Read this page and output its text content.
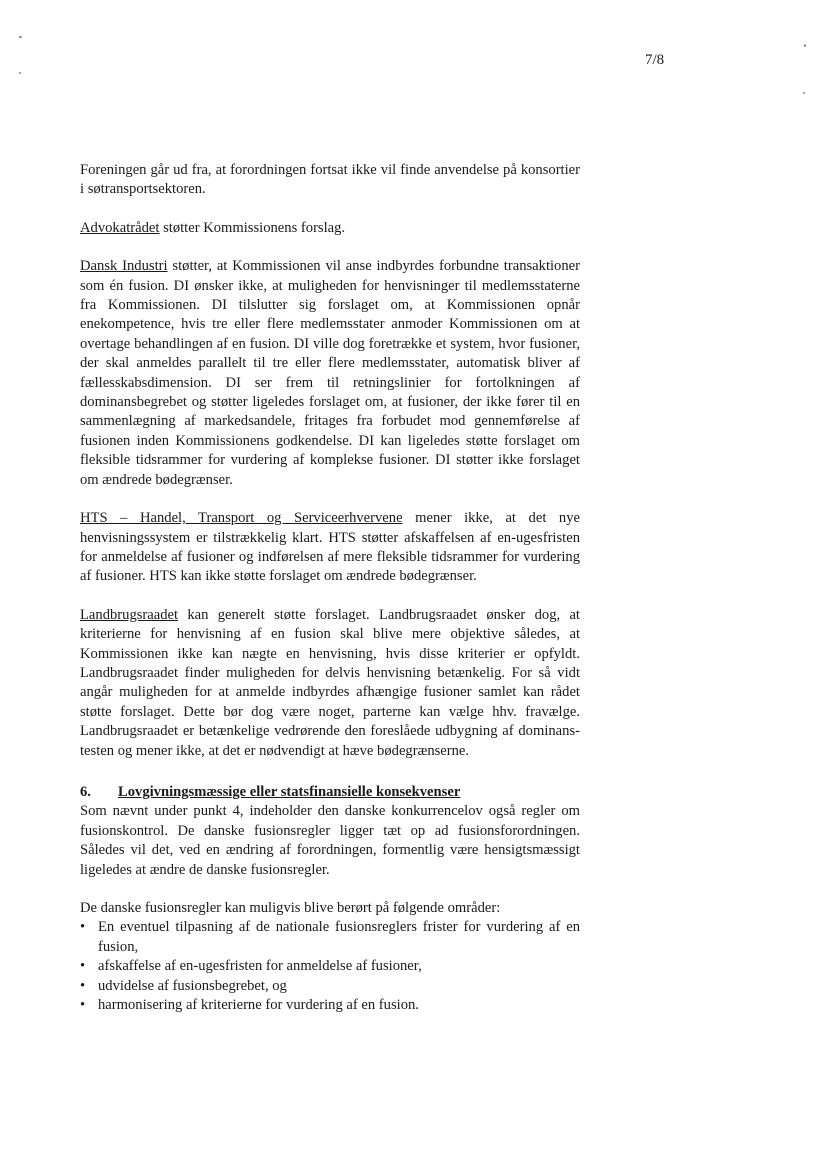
7/8

Foreningen går ud fra, at forordningen fortsat ikke vil finde anvendelse på konsortier i søtransportsektoren.

Advokatrådet støtter Kommissionens forslag.

Dansk Industri støtter, at Kommissionen vil anse indbyrdes forbundne transaktioner som én fusion. DI ønsker ikke, at muligheden for henvisninger til medlemsstaterne fra Kommissionen. DI tilslutter sig forslaget om, at Kommissionen opnår enekompetence, hvis tre eller flere medlemsstater anmoder Kommissionen om at overtage behandlingen af en fusion. DI ville dog foretrække et system, hvor fusioner, der skal anmeldes parallelt til tre eller flere medlemsstater, automatisk bliver af fællesskabsdimension. DI ser frem til retningslinier for fortolkningen af dominansbegrebet og støtter ligeledes forslaget om, at fusioner, der ikke fører til en sammenlægning af markedsandele, fritages fra forbudet mod gennemførelse af fusionen inden Kommissionens godkendelse. DI kan ligeledes støtte forslaget om fleksible tidsrammer for vurdering af komplekse fusioner. DI støtter ikke forslaget om ændrede bødegrænser.

HTS – Handel, Transport og Serviceerhvervene mener ikke, at det nye henvisningssystem er tilstrækkelig klart. HTS støtter afskaffelsen af en-ugesfristen for anmeldelse af fusioner og indførelsen af mere fleksible tidsrammer for vurdering af fusioner. HTS kan ikke støtte forslaget om ændrede bødegrænser.

Landbrugsraadet kan generelt støtte forslaget. Landbrugsraadet ønsker dog, at kriterierne for henvisning af en fusion skal blive mere objektive således, at Kommissionen ikke kan nægte en henvisning, hvis disse kriterier er opfyldt. Landbrugsraadet finder muligheden for delvis henvisning betænkelig. For så vidt angår muligheden for at anmelde indbyrdes afhængige fusioner samlet kan rådet støtte forslaget. Dette bør dog være noget, parterne kan vælge hhv. fravælge. Landbrugsraadet er betænkelige vedrørende den foreslåede udbygning af dominans-testen og mener ikke, at det er nødvendigt at hæve bødegrænserne.

6. Lovgivningsmæssige eller statsfinansielle konsekvenser

Som nævnt under punkt 4, indeholder den danske konkurrencelov også regler om fusionskontrol. De danske fusionsregler ligger tæt op ad fusionsforordningen. Således vil det, ved en ændring af forordningen, formentlig være hensigtsmæssigt ligeledes at ændre de danske fusionsregler.

De danske fusionsregler kan muligvis blive berørt på følgende områder:

• En eventuel tilpasning af de nationale fusionsreglers frister for vurdering af en fusion,
• afskaffelse af en-ugesfristen for anmeldelse af fusioner,
• udvidelse af fusionsbegrebet, og
• harmonisering af kriterierne for vurdering af en fusion.
